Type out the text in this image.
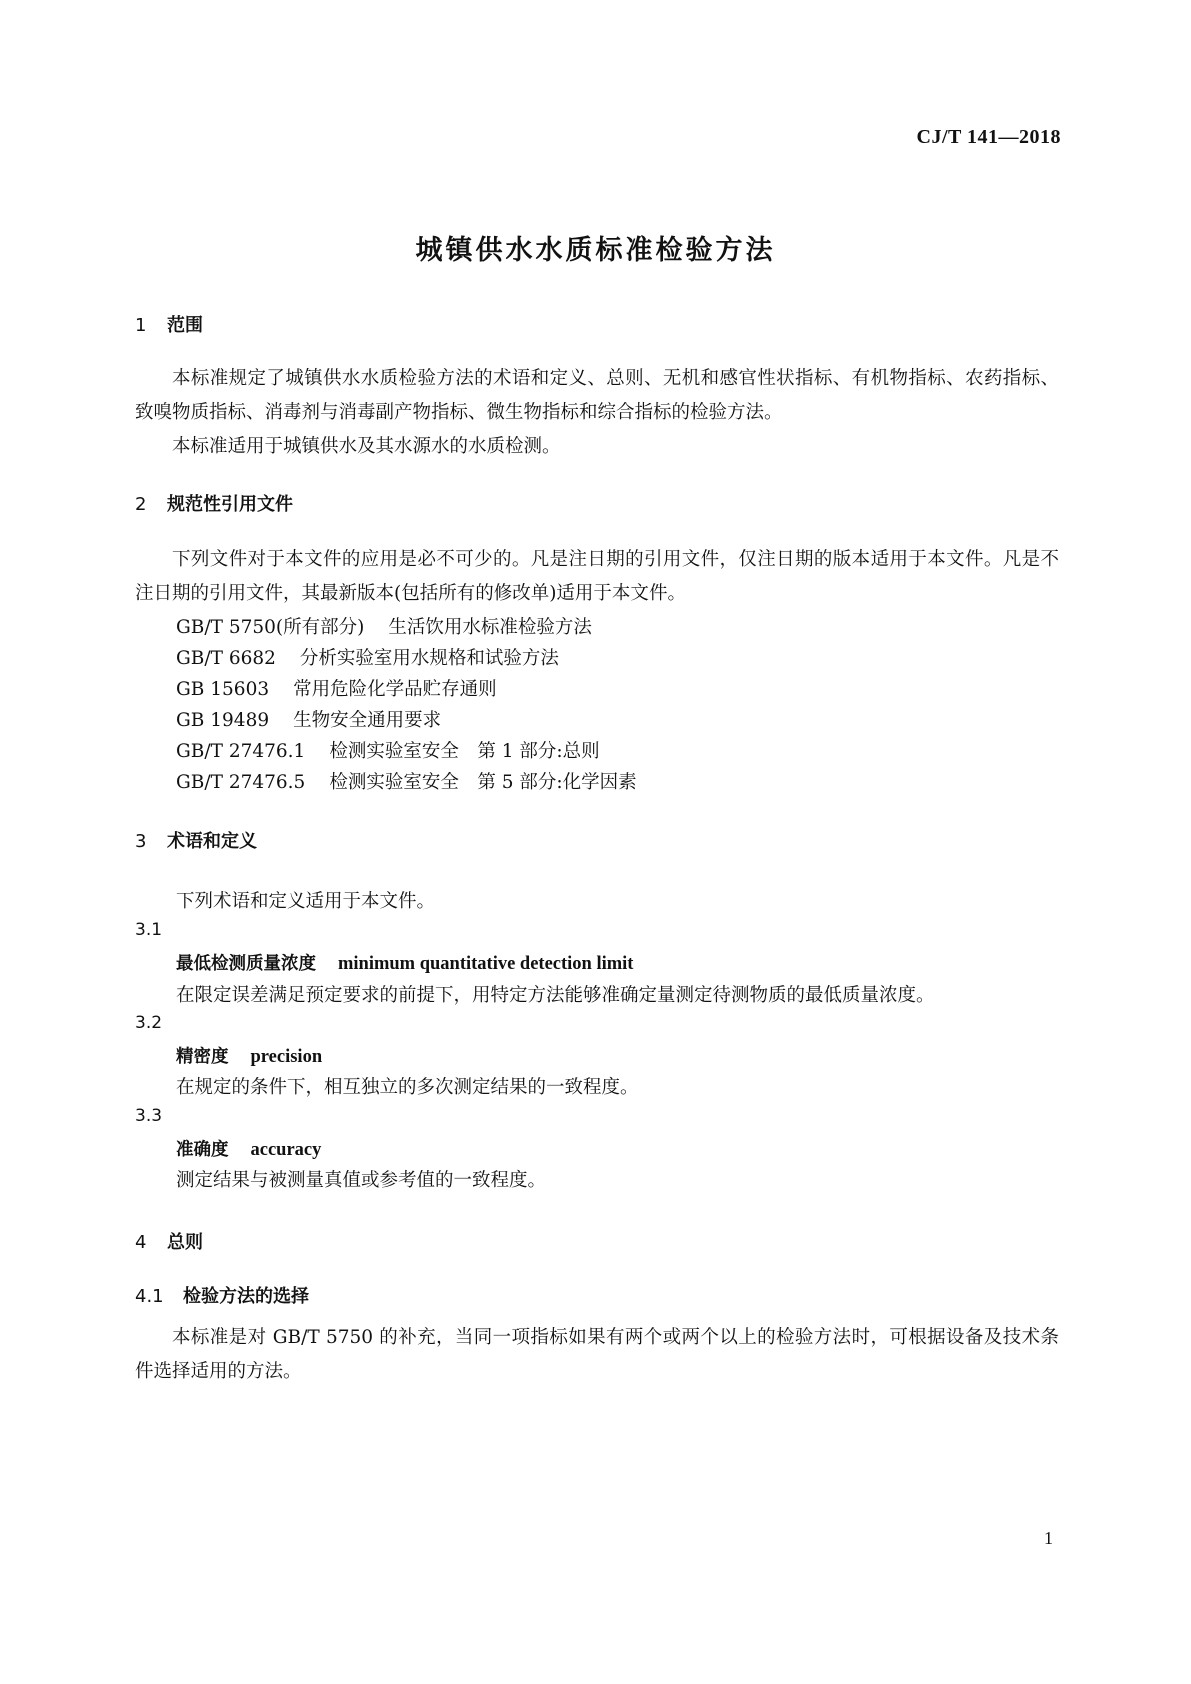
CJ/T 141—2018
城镇供水水质标准检验方法
1 范围

本标准规定了城镇供水水质检验方法的术语和定义、总则、无机和感官性状指标、有机物指标、农药指标、致嗅物质指标、消毒剂与消毒副产物指标、微生物指标和综合指标的检验方法。

本标准适用于城镇供水及其水源水的水质检测。

2 规范性引用文件

下列文件对于本文件的应用是必不可少的。凡是注日期的引用文件，仅注日期的版本适用于本文件。凡是不注日期的引用文件，其最新版本(包括所有的修改单)适用于本文件。

GB/T 5750(所有部分) 生活饮用水标准检验方法
GB/T 6682 分析实验室用水规格和试验方法
GB 15603 常用危险化学品贮存通则
GB 19489 生物安全通用要求
GB/T 27476.1 检测实验室安全　第 1 部分:总则
GB/T 27476.5 检测实验室安全　第 5 部分:化学因素
3 术语和定义
下列术语和定义适用于本文件。
3.1
最低检测质量浓度 minimum quantitative detection limit
在限定误差满足预定要求的前提下，用特定方法能够准确定量测定待测物质的最低质量浓度。
3.2
精密度 precision
在规定的条件下，相互独立的多次测定结果的一致程度。
3.3
准确度 accuracy
测定结果与被测量真值或参考值的一致程度。
4 总则
4.1 检验方法的选择

本标准是对 GB/T 5750 的补充，当同一项指标如果有两个或两个以上的检验方法时，可根据设备及技术条件选择适用的方法。

1
